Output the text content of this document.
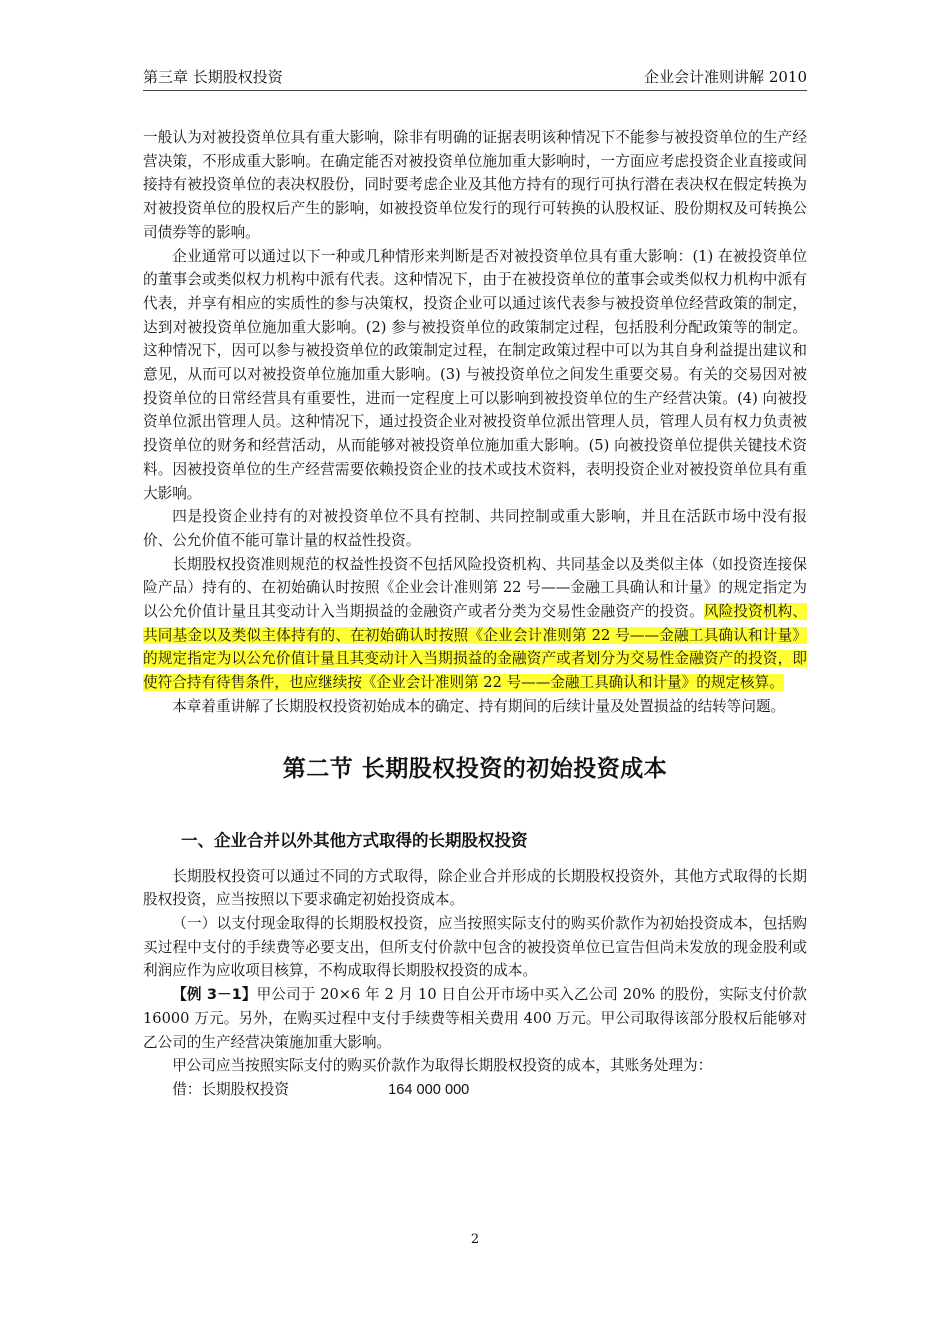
第三章 长期股权投资	企业会计准则讲解 2010

一般认为对被投资单位具有重大影响，除非有明确的证据表明该种情况下不能参与被投资单位的生产经营决策，不形成重大影响。在确定能否对被投资单位施加重大影响时，一方面应考虑投资企业直接或间接持有被投资单位的表决权股份，同时要考虑企业及其他方持有的现行可执行潜在表决权在假定转换为对被投资单位的股权后产生的影响，如被投资单位发行的现行可转换的认股权证、股份期权及可转换公司债券等的影响。

企业通常可以通过以下一种或几种情形来判断是否对被投资单位具有重大影响：(1) 在被投资单位的董事会或类似权力机构中派有代表。这种情况下，由于在被投资单位的董事会或类似权力机构中派有代表，并享有相应的实质性的参与决策权，投资企业可以通过该代表参与被投资单位经营政策的制定，达到对被投资单位施加重大影响。(2) 参与被投资单位的政策制定过程，包括股利分配政策等的制定。这种情况下，因可以参与被投资单位的政策制定过程，在制定政策过程中可以为其自身利益提出建议和意见，从而可以对被投资单位施加重大影响。(3) 与被投资单位之间发生重要交易。有关的交易因对被投资单位的日常经营具有重要性，进而一定程度上可以影响到被投资单位的生产经营决策。(4) 向被投资单位派出管理人员。这种情况下，通过投资企业对被投资单位派出管理人员，管理人员有权力负责被投资单位的财务和经营活动，从而能够对被投资单位施加重大影响。(5) 向被投资单位提供关键技术资料。因被投资单位的生产经营需要依赖投资企业的技术或技术资料，表明投资企业对被投资单位具有重大影响。

四是投资企业持有的对被投资单位不具有控制、共同控制或重大影响，并且在活跃市场中没有报价、公允价值不能可靠计量的权益性投资。

长期股权投资准则规范的权益性投资不包括风险投资机构、共同基金以及类似主体（如投资连接保险产品）持有的、在初始确认时按照《企业会计准则第 22 号——金融工具确认和计量》的规定指定为以公允价值计量且其变动计入当期损益的金融资产或者分类为交易性金融资产的投资。风险投资机构、共同基金以及类似主体持有的、在初始确认时按照《企业会计准则第 22 号——金融工具确认和计量》的规定指定为以公允价值计量且其变动计入当期损益的金融资产或者划分为交易性金融资产的投资，即使符合持有待售条件，也应继续按《企业会计准则第 22 号——金融工具确认和计量》的规定核算。

本章着重讲解了长期股权投资初始成本的确定、持有期间的后续计量及处置损益的结转等问题。

第二节 长期股权投资的初始投资成本
一、企业合并以外其他方式取得的长期股权投资

长期股权投资可以通过不同的方式取得，除企业合并形成的长期股权投资外，其他方式取得的长期股权投资，应当按照以下要求确定初始投资成本。

（一）以支付现金取得的长期股权投资，应当按照实际支付的购买价款作为初始投资成本，包括购买过程中支付的手续费等必要支出，但所支付价款中包含的被投资单位已宣告但尚未发放的现金股利或利润应作为应收项目核算，不构成取得长期股权投资的成本。

【例 3－1】甲公司于 20×6 年 2 月 10 日自公开市场中买入乙公司 20% 的股份，实际支付价款 16000 万元。另外，在购买过程中支付手续费等相关费用 400 万元。甲公司取得该部分股权后能够对乙公司的生产经营决策施加重大影响。

甲公司应当按照实际支付的购买价款作为取得长期股权投资的成本，其账务处理为：

借：长期股权投资	164 000 000

2
